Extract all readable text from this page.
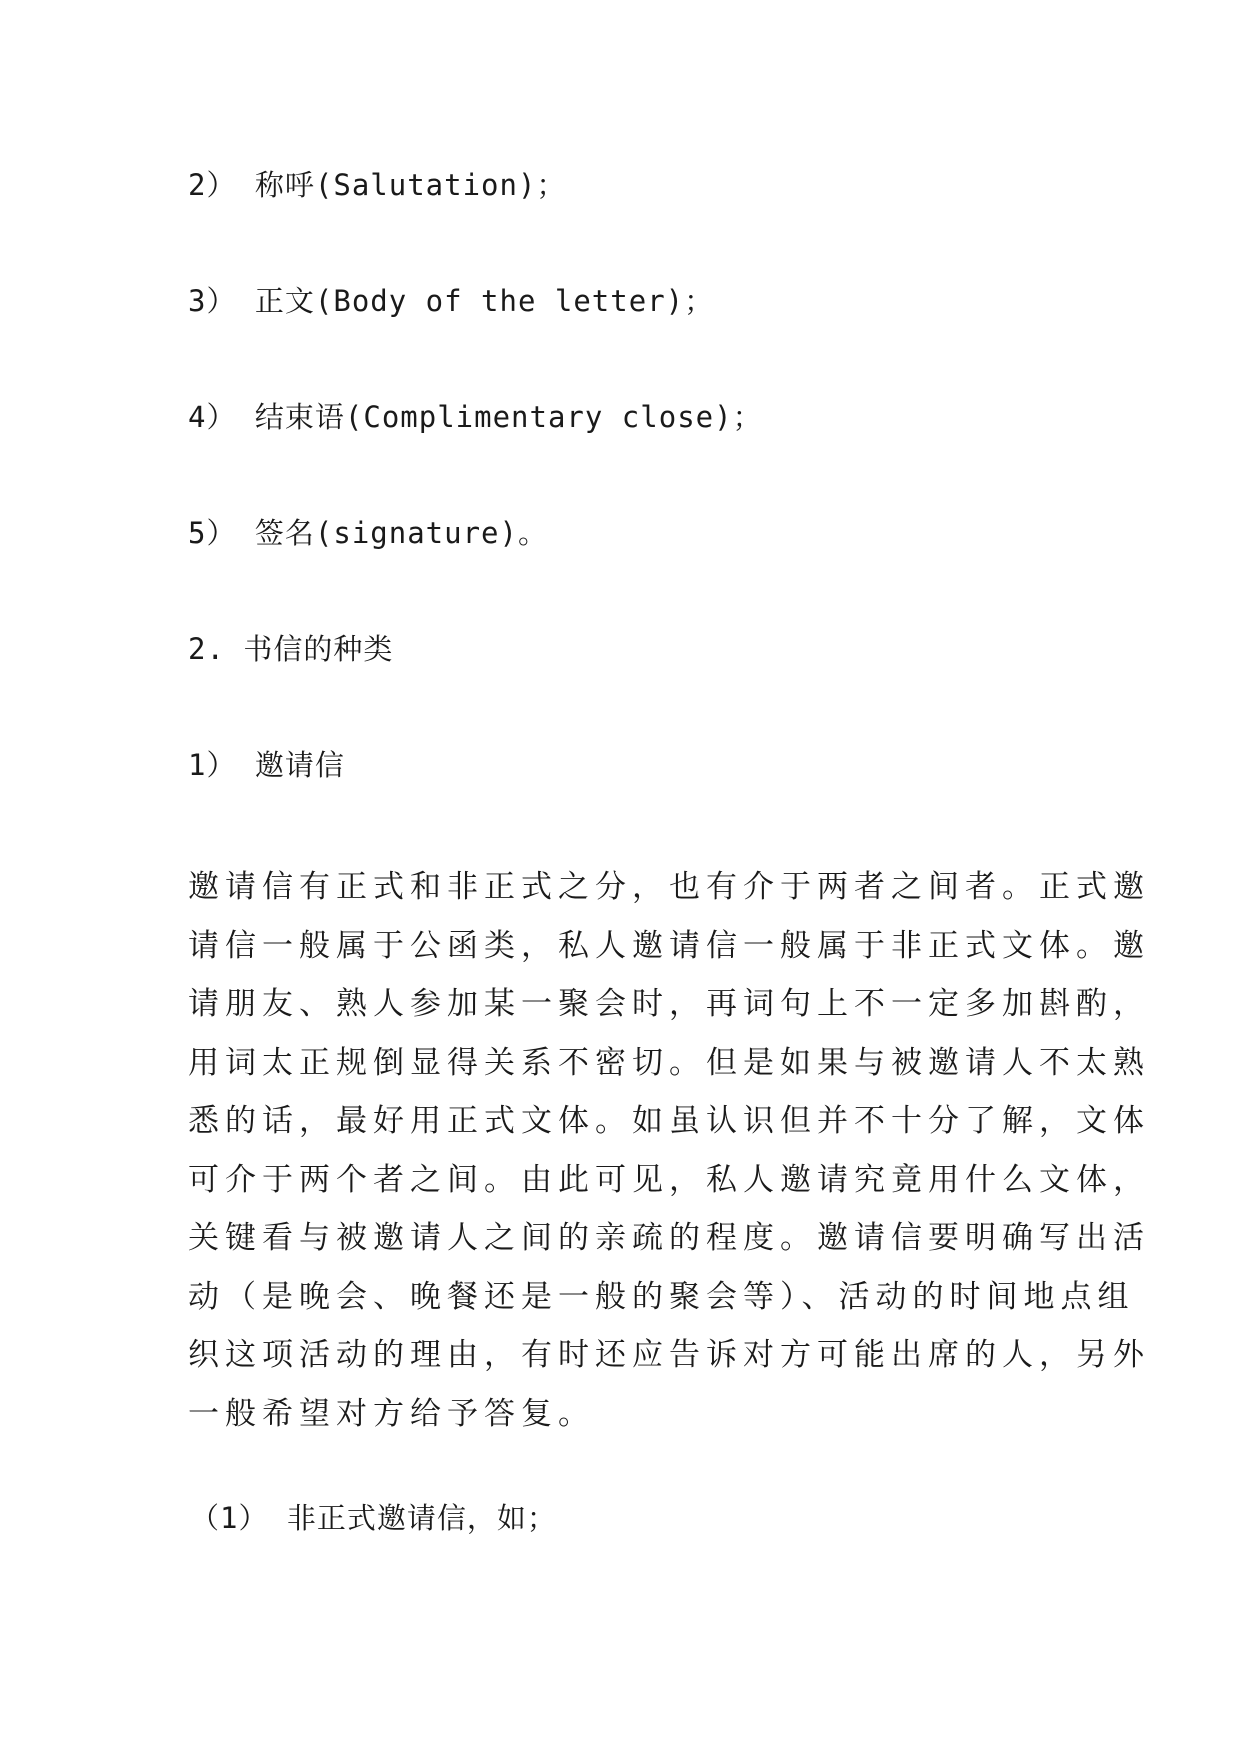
2） 称呼(Salutation)；
3） 正文(Body of the letter)；
4） 结束语(Complimentary close)；
5） 签名(signature)。
2. 书信的种类
1） 邀请信
邀请信有正式和非正式之分，也有介于两者之间者。正式邀
请信一般属于公函类，私人邀请信一般属于非正式文体。邀
请朋友、熟人参加某一聚会时，再词句上不一定多加斟酌，
用词太正规倒显得关系不密切。但是如果与被邀请人不太熟
悉的话，最好用正式文体。如虽认识但并不十分了解，文体
可介于两个者之间。由此可见，私人邀请究竟用什么文体，
关键看与被邀请人之间的亲疏的程度。邀请信要明确写出活
动（是晚会、晚餐还是一般的聚会等）、活动的时间地点组
织这项活动的理由，有时还应告诉对方可能出席的人，另外
一般希望对方给予答复。
（1） 非正式邀请信，如；
